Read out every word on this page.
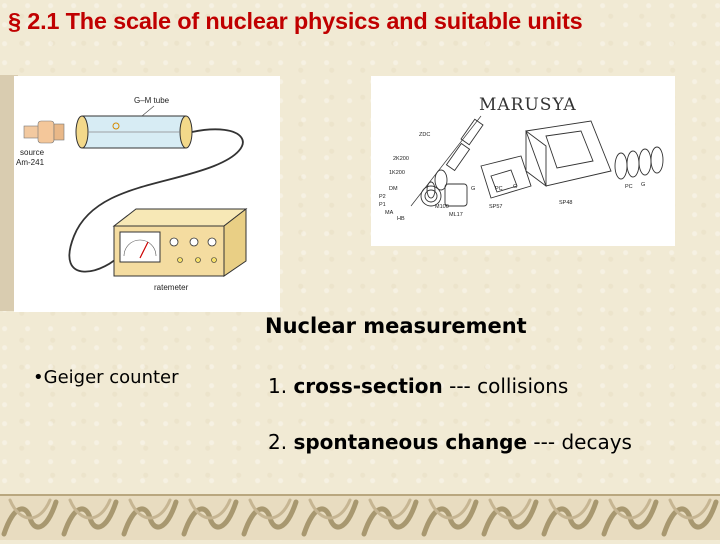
§ 2.1 The scale of nuclear physics and suitable units
source
Am-241
G–M tube
ratemeter
MARUSYA
ZDC
2K200
1K200
DM
P2
P1
MA
HB
M100
ML17
G
SP57
PC G
SP48
PC G
Nuclear measurement
•Geiger counter	1. cross-section --- collisions
2. spontaneous change --- decays
